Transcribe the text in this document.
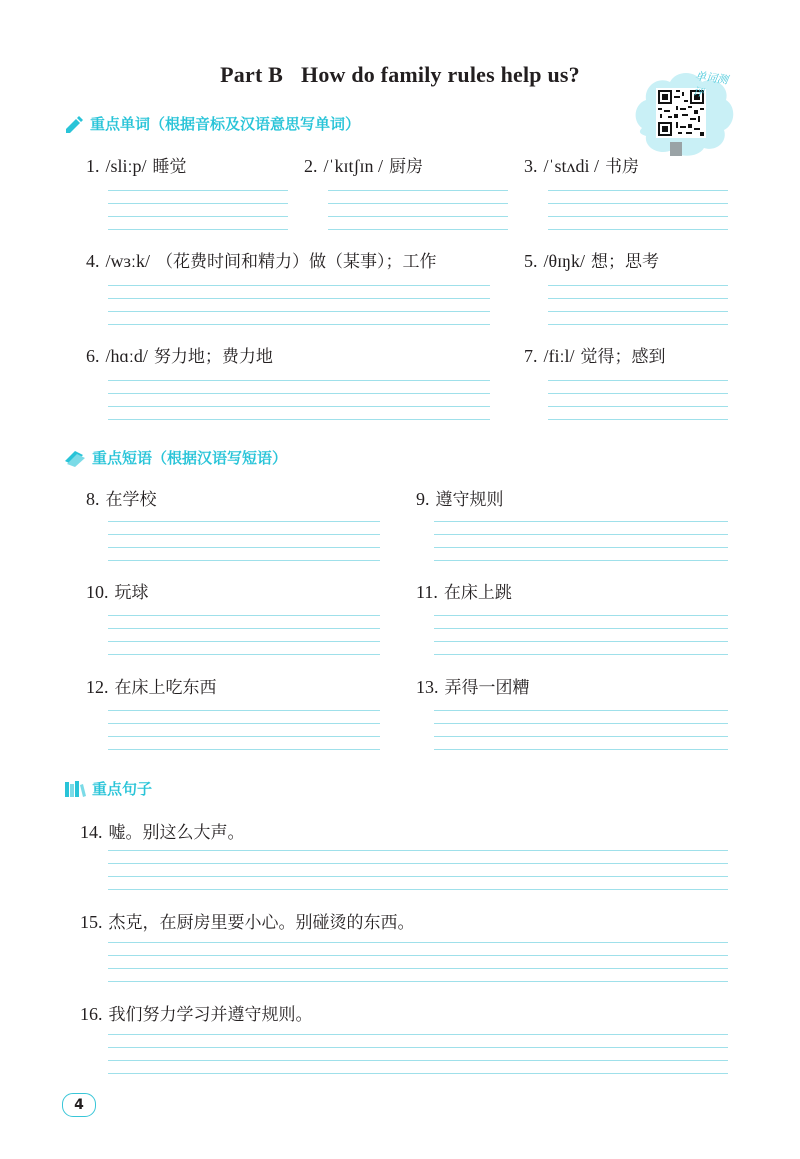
Part B How do family rules help us?	单词测评
重点单词（根据音标及汉语意思写单词）
1. /sliːp/ 睡觉	2. /ˈkɪtʃɪn / 厨房	3. /ˈstʌdi / 书房
4. /wɜːk/ （花费时间和精力）做（某事）；工作	5. /θɪŋk/ 想；思考
6. /hɑːd/ 努力地；费力地	7. /fiːl/ 觉得；感到
重点短语（根据汉语写短语）
8. 在学校	9. 遵守规则
10. 玩球	11. 在床上跳
12. 在床上吃东西	13. 弄得一团糟
重点句子
14. 嘘。别这么大声。
15. 杰克，在厨房里要小心。别碰烫的东西。
16. 我们努力学习并遵守规则。
4
